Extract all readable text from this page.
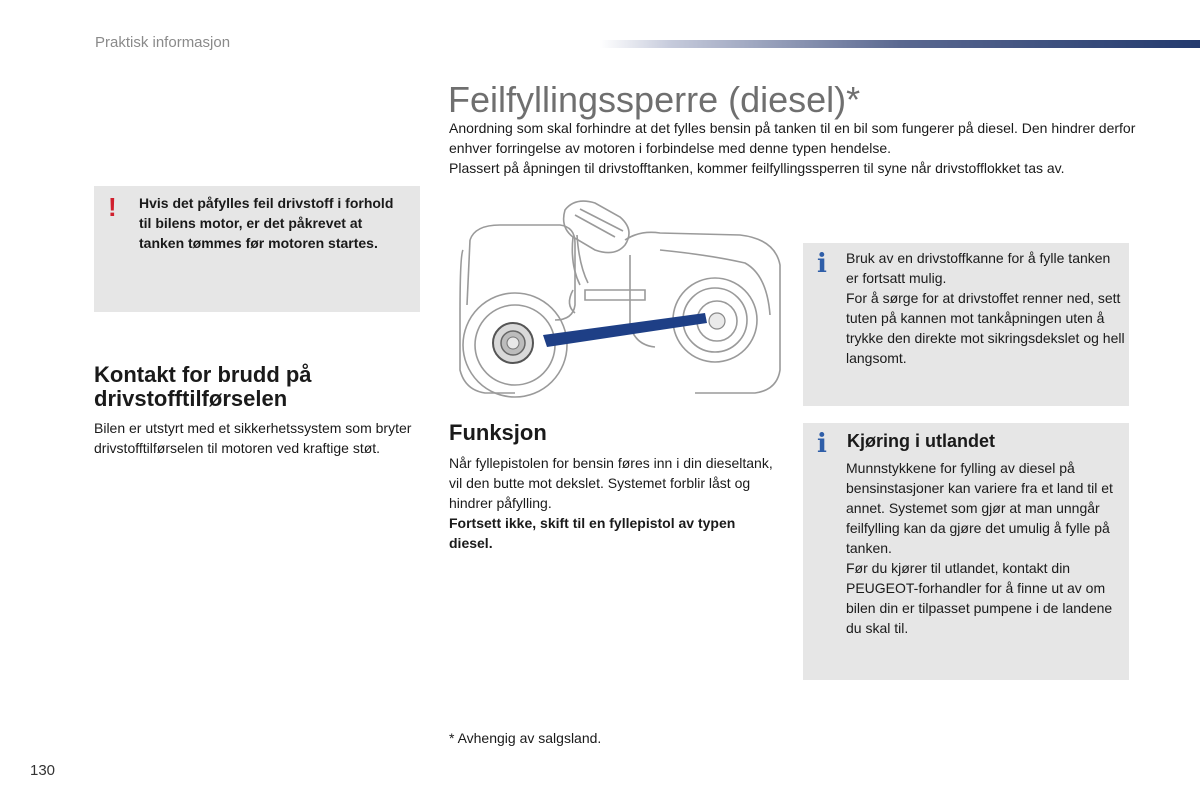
Praktisk informasjon
Feilfyllingssperre (diesel)*

Anordning som skal forhindre at det fylles bensin på tanken til en bil som fungerer på diesel. Den hindrer derfor enhver forringelse av motoren i forbindelse med denne typen hendelse.

Plassert på åpningen til drivstofftanken, kommer feilfyllingssperren til syne når drivstofflokket tas av.

! Hvis det påfylles feil drivstoff i forhold til bilens motor, er det påkrevet at tanken tømmes før motoren startes.
Kontakt for brudd på drivstofftilførselen
Bilen er utstyrt med et sikkerhetssystem som bryter drivstofftilførselen til motoren ved kraftige støt.
Funksjon

Når fyllepistolen for bensin føres inn i din dieseltank, vil den butte mot dekslet. Systemet forblir låst og hindrer påfylling.

Fortsett ikke, skift til en fyllepistol av typen diesel.

i Bruk av en drivstoffkanne for å fylle tanken er fortsatt mulig.

For å sørge for at drivstoffet renner ned, sett tuten på kannen mot tankåpningen uten å trykke den direkte mot sikringsdekslet og hell langsomt.

i Kjøring i utlandet

Munnstykkene for fylling av diesel på bensinstasjoner kan variere fra et land til et annet. Systemet som gjør at man unngår feilfylling kan da gjøre det umulig å fylle på tanken.

Før du kjører til utlandet, kontakt din PEUGEOT-forhandler for å finne ut av om bilen din er tilpasset pumpene i de landene du skal til.

* Avhengig av salgsland.
130
